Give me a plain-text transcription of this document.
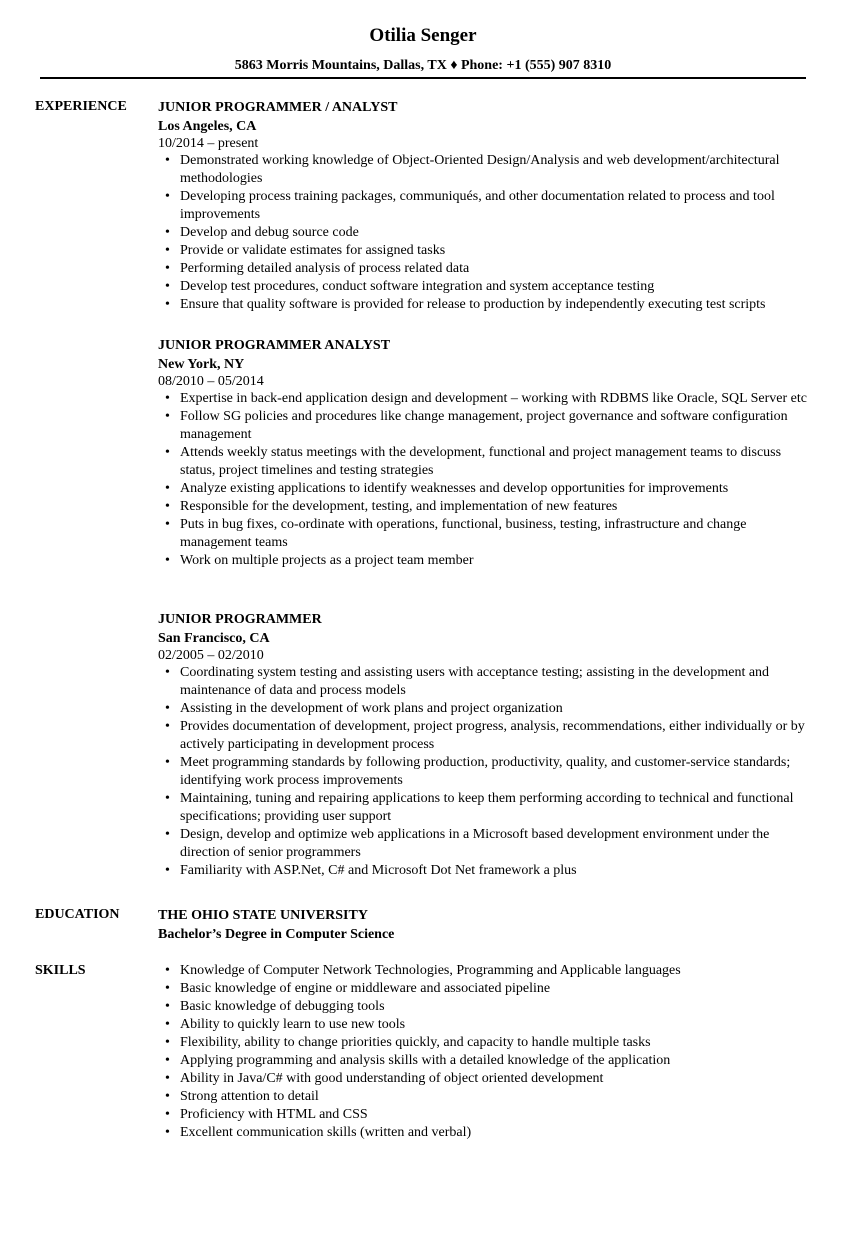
Otilia Senger
5863 Morris Mountains, Dallas, TX ♦ Phone: +1 (555) 907 8310
EXPERIENCE JUNIOR PROGRAMMER / ANALYST
Los Angeles, CA
10/2014 – present
• Demonstrated working knowledge of Object-Oriented Design/Analysis and web development/architectural methodologies
• Developing process training packages, communiqués, and other documentation related to process and tool improvements
• Develop and debug source code
• Provide or validate estimates for assigned tasks
• Performing detailed analysis of process related data
• Develop test procedures, conduct software integration and system acceptance testing
• Ensure that quality software is provided for release to production by independently executing test scripts
JUNIOR PROGRAMMER ANALYST
New York, NY
08/2010 – 05/2014
• Expertise in back-end application design and development – working with RDBMS like Oracle, SQL Server etc
• Follow SG policies and procedures like change management, project governance and software configuration management
• Attends weekly status meetings with the development, functional and project management teams to discuss status, project timelines and testing strategies
• Analyze existing applications to identify weaknesses and develop opportunities for improvements
• Responsible for the development, testing, and implementation of new features
• Puts in bug fixes, co-ordinate with operations, functional, business, testing, infrastructure and change management teams
• Work on multiple projects as a project team member
JUNIOR PROGRAMMER
San Francisco, CA
02/2005 – 02/2010
• Coordinating system testing and assisting users with acceptance testing; assisting in the development and maintenance of data and process models
• Assisting in the development of work plans and project organization
• Provides documentation of development, project progress, analysis, recommendations, either individually or by actively participating in development process
• Meet programming standards by following production, productivity, quality, and customer-service standards; identifying work process improvements
• Maintaining, tuning and repairing applications to keep them performing according to technical and functional specifications; providing user support
• Design, develop and optimize web applications in a Microsoft based development environment under the direction of senior programmers
• Familiarity with ASP.Net, C# and Microsoft Dot Net framework a plus
EDUCATION	THE OHIO STATE UNIVERSITY
Bachelor’s Degree in Computer Science
SKILLS
•	Knowledge of Computer Network Technologies, Programming and Applicable languages
• Basic knowledge of engine or middleware and associated pipeline
• Basic knowledge of debugging tools
• Ability to quickly learn to use new tools
• Flexibility, ability to change priorities quickly, and capacity to handle multiple tasks
• Applying programming and analysis skills with a detailed knowledge of the application
• Ability in Java/C# with good understanding of object oriented development
• Strong attention to detail
• Proficiency with HTML and CSS
• Excellent communication skills (written and verbal)
